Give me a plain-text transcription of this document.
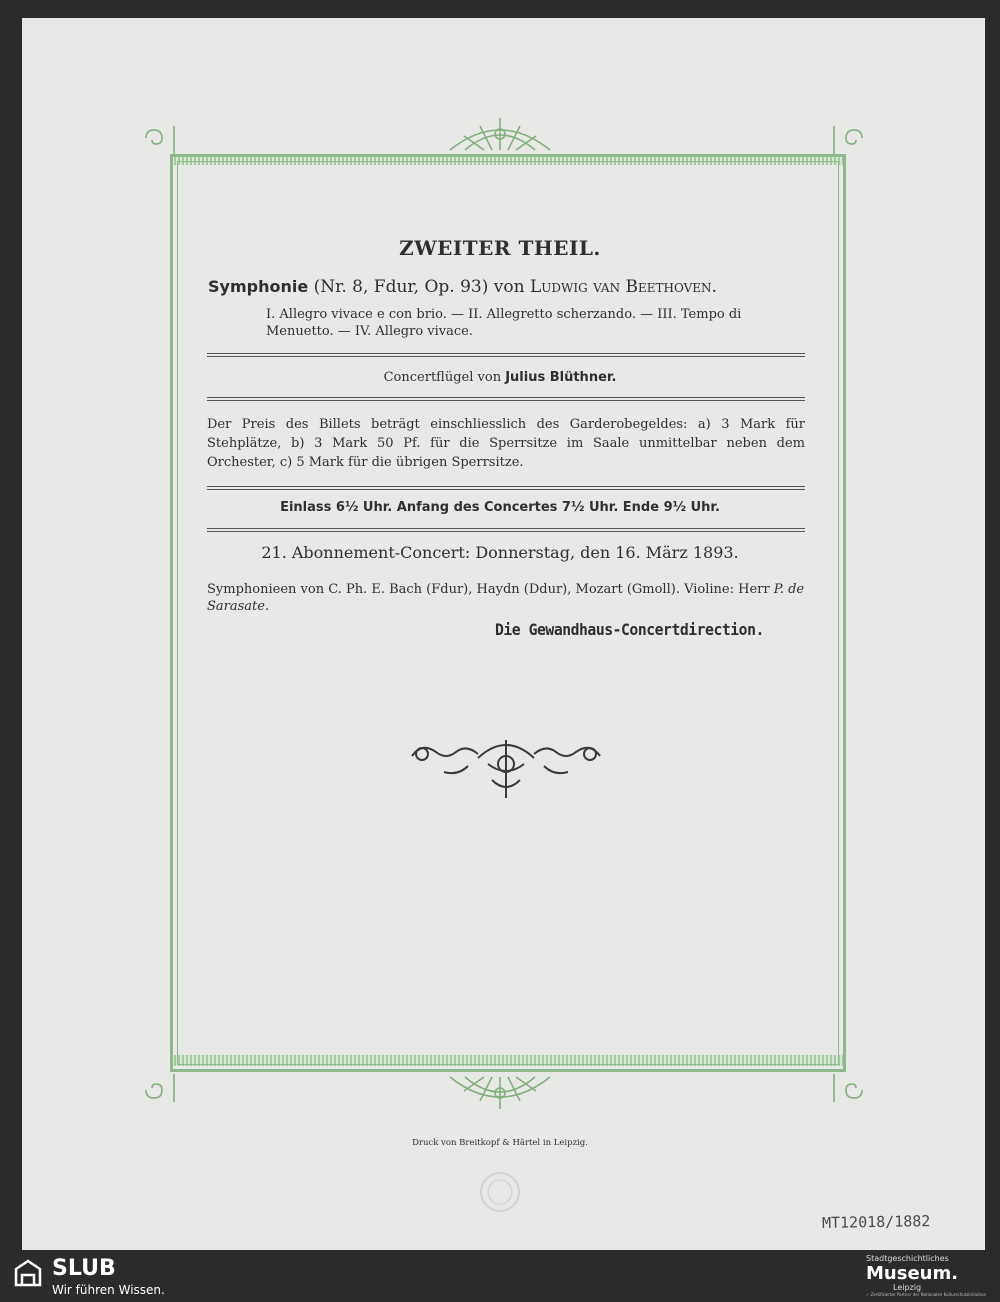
ZWEITER THEIL.

Symphonie (Nr. 8, Fdur, Op. 93) von Ludwig van Beethoven.

I. Allegro vivace e con brio. — II. Allegretto scherzando. — III. Tempo di Menuetto. — IV. Allegro vivace.

Concertflügel von Julius Blüthner.

Der Preis des Billets beträgt einschliesslich des Garderobegeldes: a) 3 Mark für Stehplätze, b) 3 Mark 50 Pf. für die Sperrsitze im Saale unmittelbar neben dem Orchester, c) 5 Mark für die übrigen Sperrsitze.

Einlass 6½ Uhr. Anfang des Concertes 7½ Uhr. Ende 9½ Uhr.

21. Abonnement-Concert: Donnerstag, den 16. März 1893.

Symphonieen von C. Ph. E. Bach (Fdur), Haydn (Ddur), Mozart (Gmoll). Violine: Herr P. de Sarasate.

Die Gewandhaus-Concertdirection.

Druck von Breitkopf & Härtel in Leipzig.

MT12018/1882

SLUB
Wir führen Wissen.
Stadtgeschichtliches
Museum.
Leipzig
✓ Zertifizierter Partner der Nationalen Kulturschutzinitiative
